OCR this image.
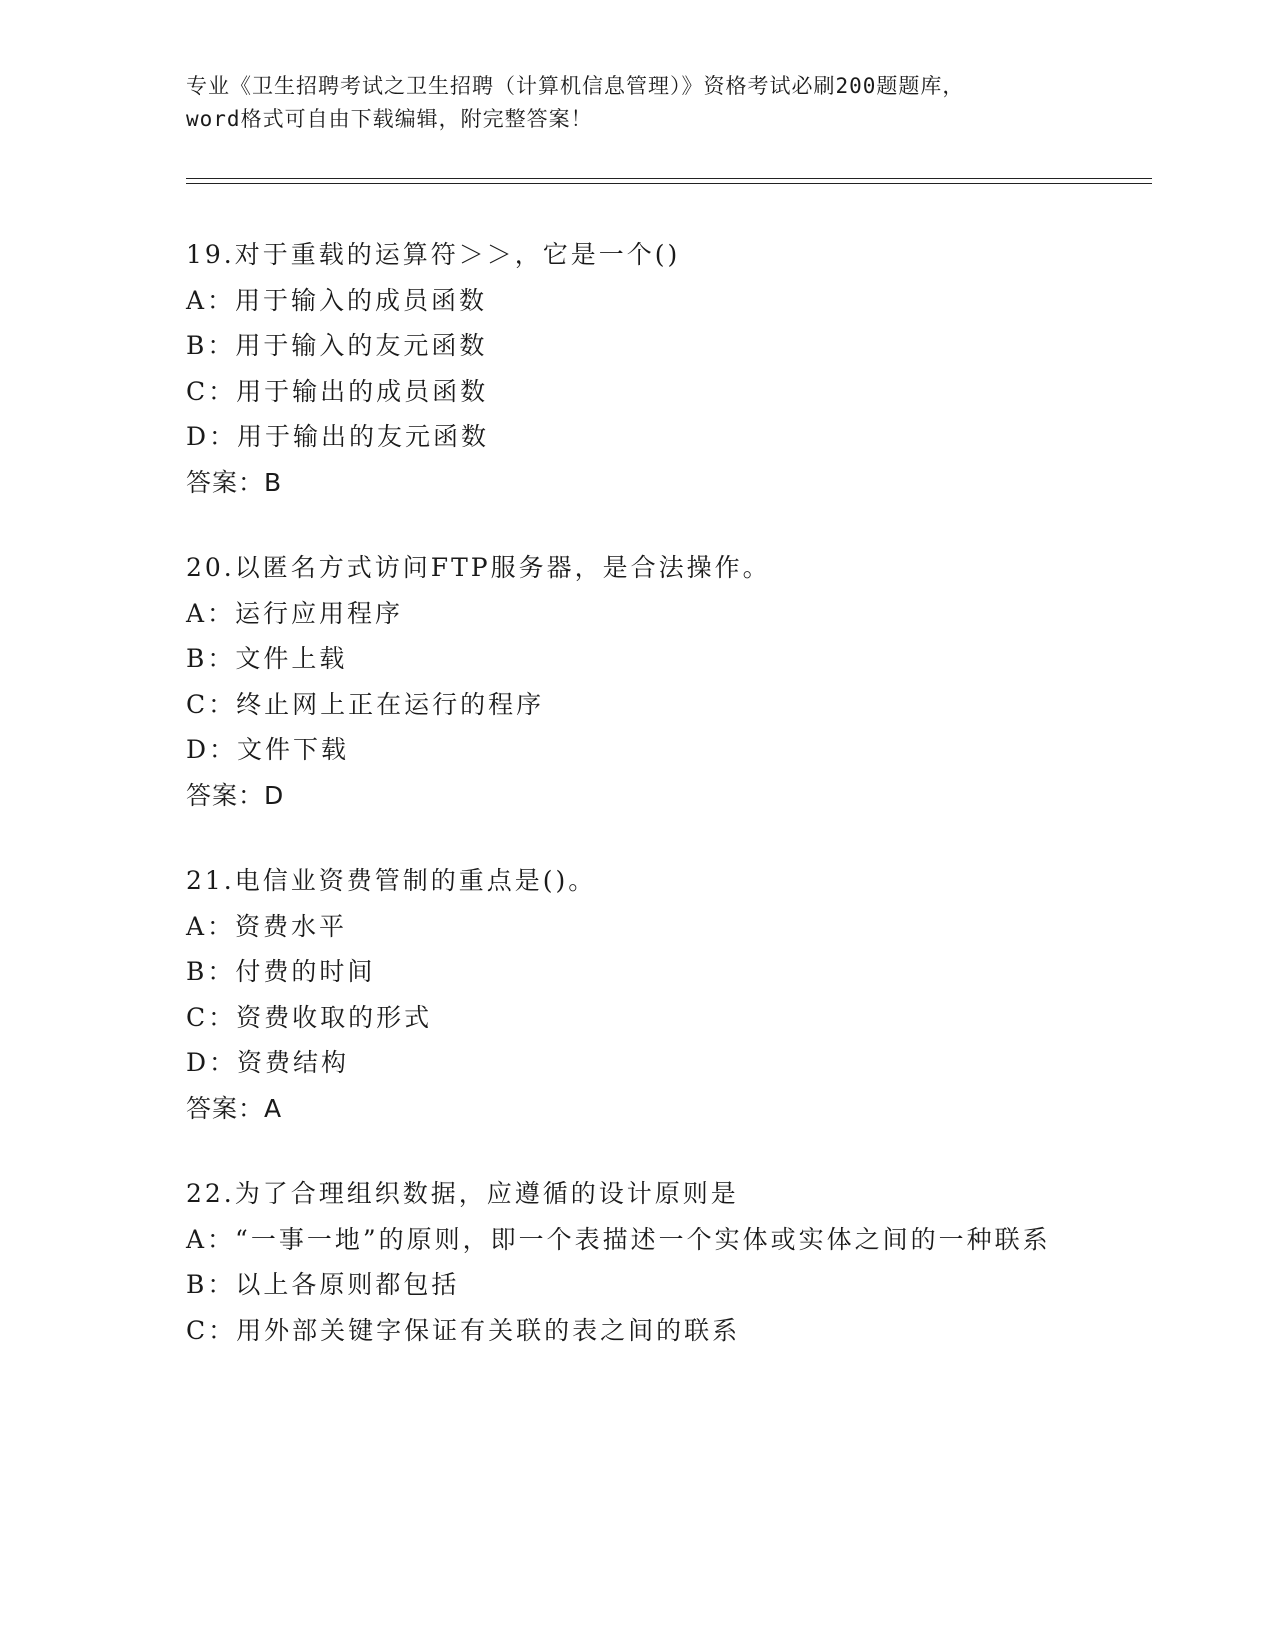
专业《卫生招聘考试之卫生招聘（计算机信息管理）》资格考试必刷200题题库，
word格式可自由下载编辑，附完整答案！
19.对于重载的运算符＞＞，它是一个()
A：用于输入的成员函数
B：用于输入的友元函数
C：用于输出的成员函数
D：用于输出的友元函数
答案：B
20.以匿名方式访问FTP服务器，是合法操作。
A：运行应用程序
B：文件上载
C：终止网上正在运行的程序
D：文件下载
答案：D
21.电信业资费管制的重点是()。
A：资费水平
B：付费的时间
C：资费收取的形式
D：资费结构
答案：A
22.为了合理组织数据，应遵循的设计原则是
A：“一事一地”的原则，即一个表描述一个实体或实体之间的一种联系
B：以上各原则都包括
C：用外部关键字保证有关联的表之间的联系
